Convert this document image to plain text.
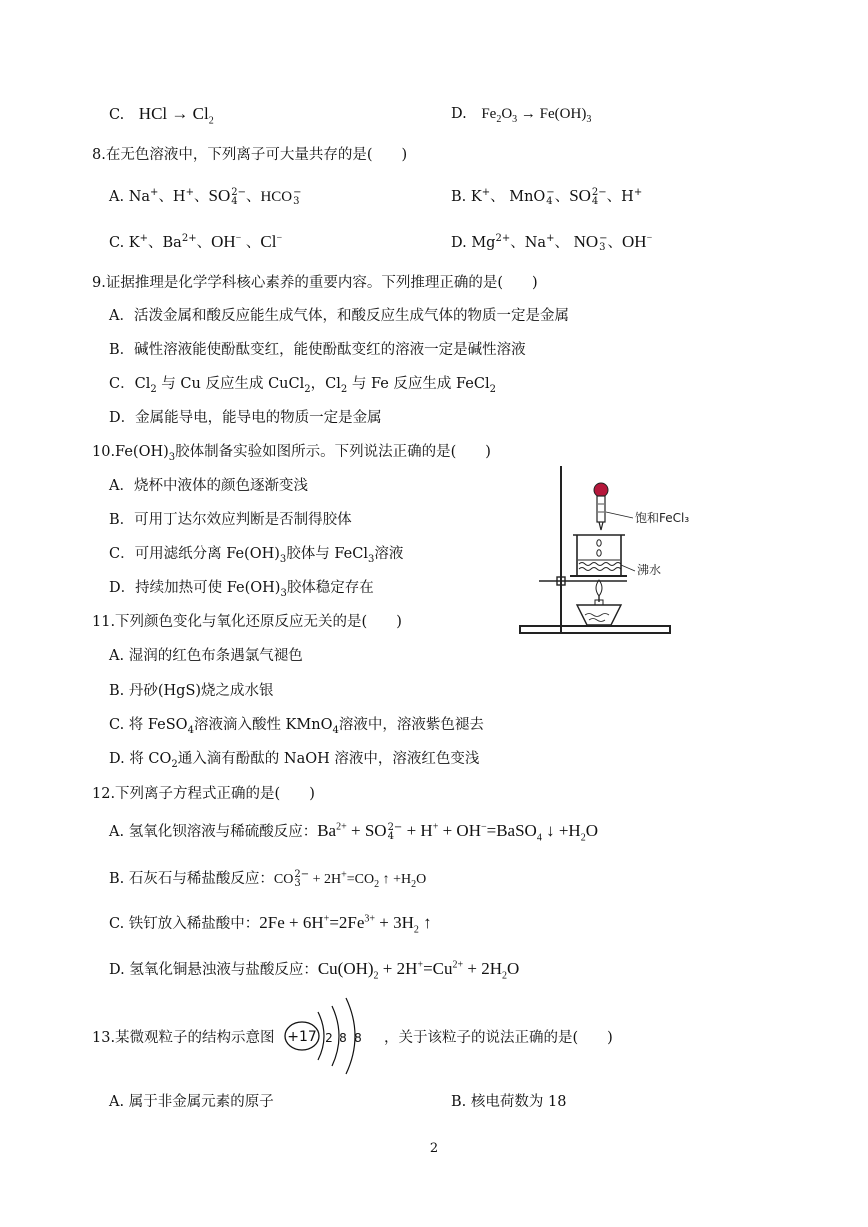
C. HCl → $Cl_2$	D. $Fe_2O_3 \to Fe(OH)_3$
8.在无色溶液中，下列离子可大量共存的是(　　)
A. Na+、H+、SO 2−
4 、HCO −
3	B. K+、 MnO −
4 、SO 2−
4 、H+
C. K+、$Ba^{2+}$、OH− 、Cl−	D. $Mg^{2+}$、Na+、 NO −
3 、OH−
9.证据推理是化学学科核心素养的重要内容。下列推理正确的是(　　)
A．活泼金属和酸反应能生成气体，和酸反应生成气体的物质一定是金属
B．碱性溶液能使酚酞变红，能使酚酞变红的溶液一定是碱性溶液
C．$Cl_2$ 与 Cu 反应生成 CuCl$_2$，$Cl_2$ 与 Fe 反应生成 FeCl$_2$
D．金属能导电，能导电的物质一定是金属
$10.Fe(OH)_3$胶体制备实验如图所示。下列说法正确的是(　　)
A．烧杯中液体的颜色逐渐变浅
B．可用丁达尔效应判断是否制得胶体
C．可用滤纸分离 $Fe(OH)_3$胶体与 FeCl$_3$溶液
D．持续加热可使 $Fe(OH)_3$胶体稳定存在
饱和FeCl₃
沸水
11.下列颜色变化与氧化还原反应无关的是(　　)
A. 湿润的红色布条遇氯气褪色
B. 丹砂(HgS)烧之成水银
C. 将 FeSO$_4$溶液滴入酸性 KMnO$_4$溶液中，溶液紫色褪去
D. 将 $CO_2$通入滴有酚酞的 NaOH 溶液中，溶液红色变浅
12.下列离子方程式正确的是(　　)
A. 氢氧化钡溶液与稀硫酸反应：$Ba^{2+}$ + SO 2−
4 + H+ + OH−=BaSO$_4$ ↓ $+H_2O$
B. 石灰石与稀盐酸反应：CO 2−
$3 + 2H^+=CO_2$ ↑ $+H_2O$
C. 铁钉放入稀盐酸中：$2Fe + 6H^+=2Fe^{3+} + 3H_2$ ↑
D. 氢氧化铜悬浊液与盐酸反应：$Cu(OH)_2 + 2H^+=Cu^{2+} + 2H_2O$
13.某微观粒子的结构示意图 +17 2 8 8 ，关于该粒子的说法正确的是(　　)
A. 属于非金属元素的原子	B. 核电荷数为 18
2
